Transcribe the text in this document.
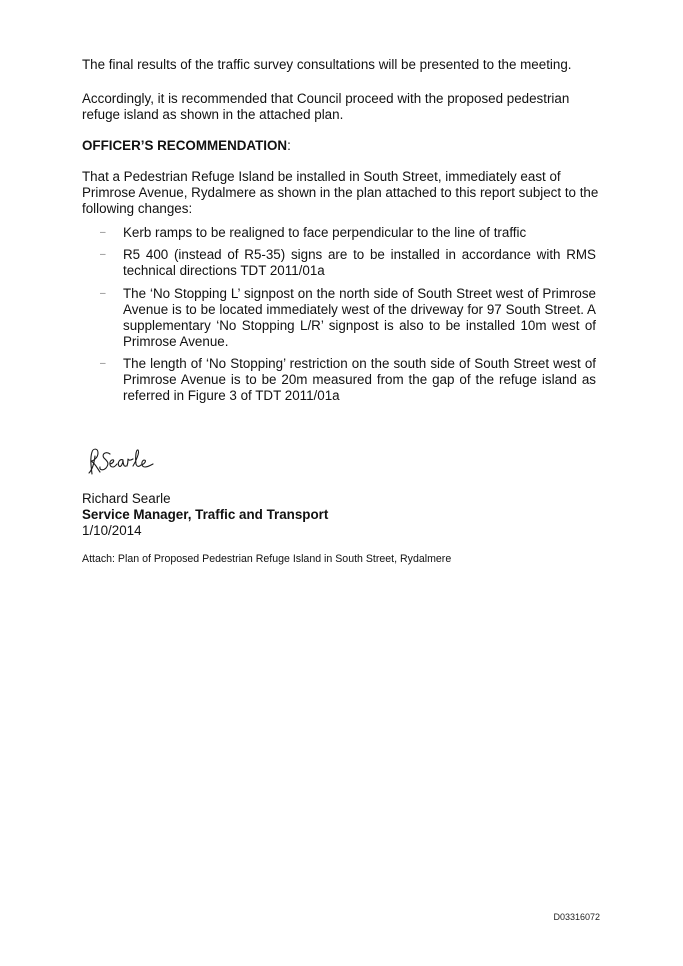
The final results of the traffic survey consultations will be presented to the meeting.

Accordingly, it is recommended that Council proceed with the proposed pedestrian refuge island as shown in the attached plan.

OFFICER’S RECOMMENDATION:

That a Pedestrian Refuge Island be installed in South Street, immediately east of Primrose Avenue, Rydalmere as shown in the plan attached to this report subject to the following changes:

– Kerb ramps to be realigned to face perpendicular to the line of traffic
– R5 400 (instead of R5-35) signs are to be installed in accordance with RMS technical directions TDT 2011/01a
– The ‘No Stopping L’ signpost on the north side of South Street west of Primrose Avenue is to be located immediately west of the driveway for 97 South Street. A supplementary ‘No Stopping L/R’ signpost is also to be installed 10m west of Primrose Avenue.
– The length of ‘No Stopping’ restriction on the south side of South Street west of Primrose Avenue is to be 20m measured from the gap of the refuge island as referred in Figure 3 of TDT 2011/01a
Richard Searle
Service Manager, Traffic and Transport
1/10/2014
Attach: Plan of Proposed Pedestrian Refuge Island in South Street, Rydalmere
D03316072
